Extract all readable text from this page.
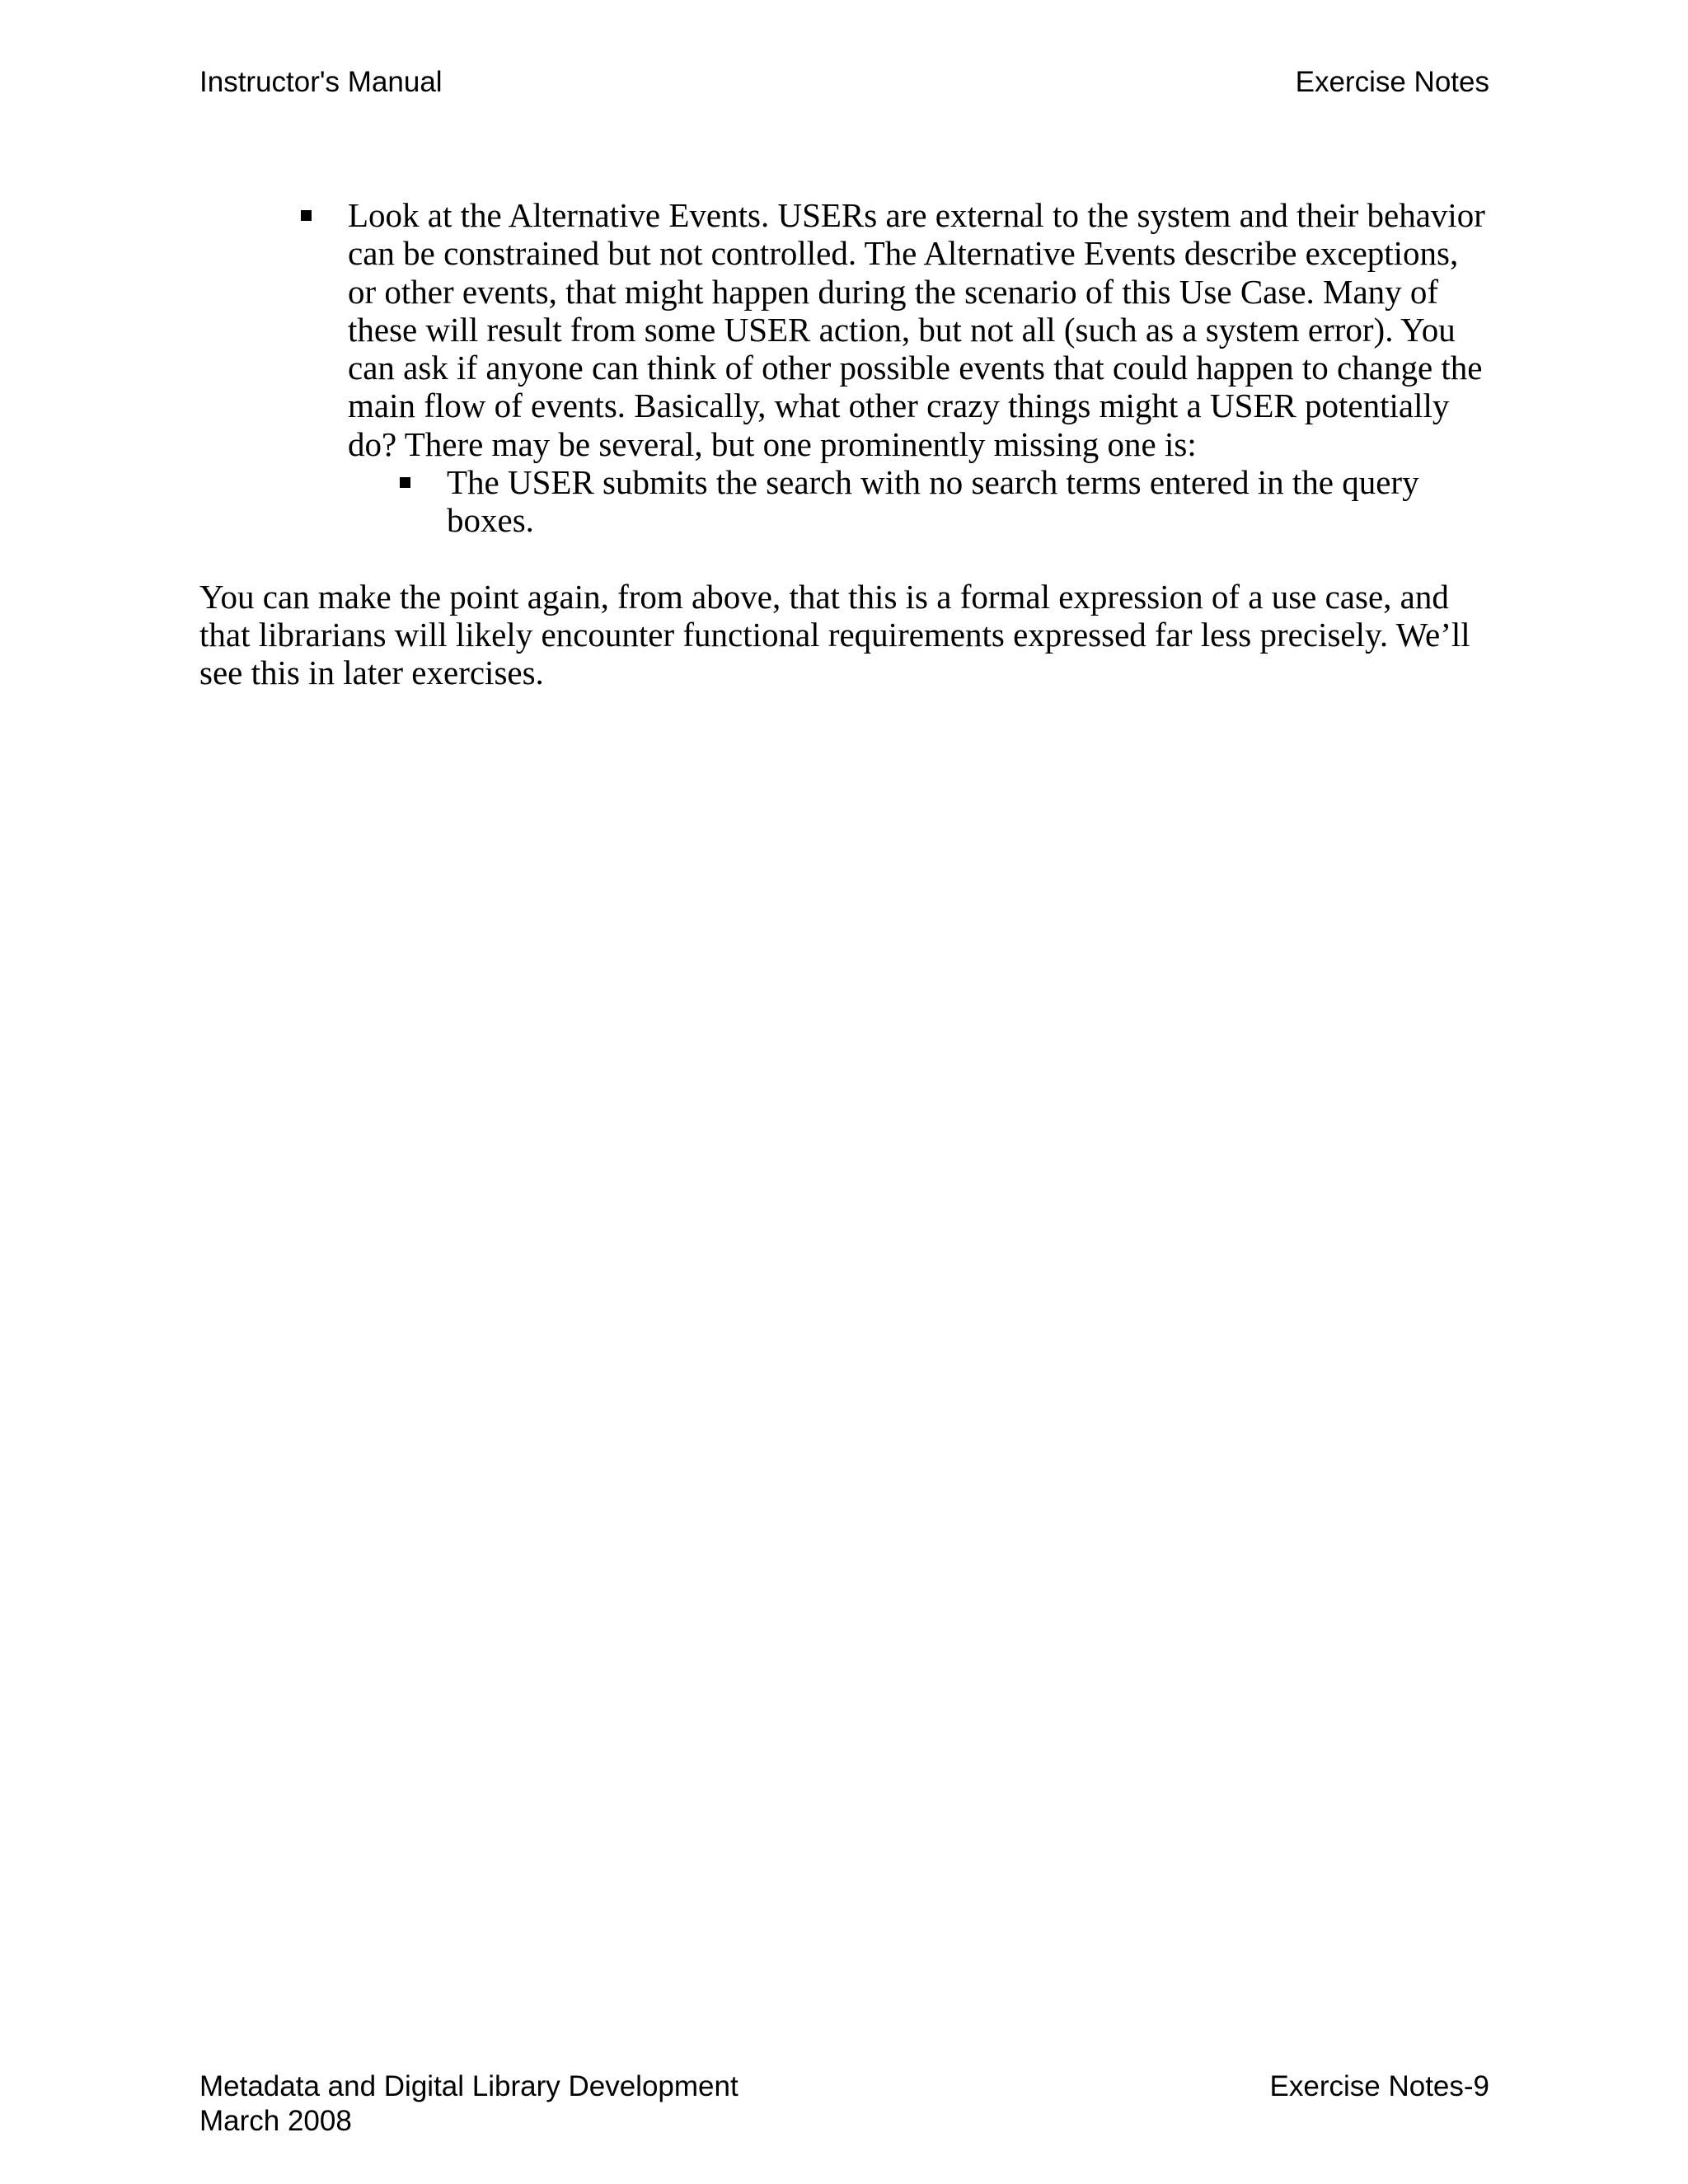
Instructor's Manual	Exercise Notes
Look at the Alternative Events. USERs are external to the system and their behavior can be constrained but not controlled. The Alternative Events describe exceptions, or other events, that might happen during the scenario of this Use Case. Many of these will result from some USER action, but not all (such as a system error). You can ask if anyone can think of other possible events that could happen to change the main flow of events. Basically, what other crazy things might a USER potentially do? There may be several, but one prominently missing one is:
The USER submits the search with no search terms entered in the query boxes.

You can make the point again, from above, that this is a formal expression of a use case, and that librarians will likely encounter functional requirements expressed far less precisely. We’ll see this in later exercises.

Metadata and Digital Library Development
March 2008
Exercise Notes-9
